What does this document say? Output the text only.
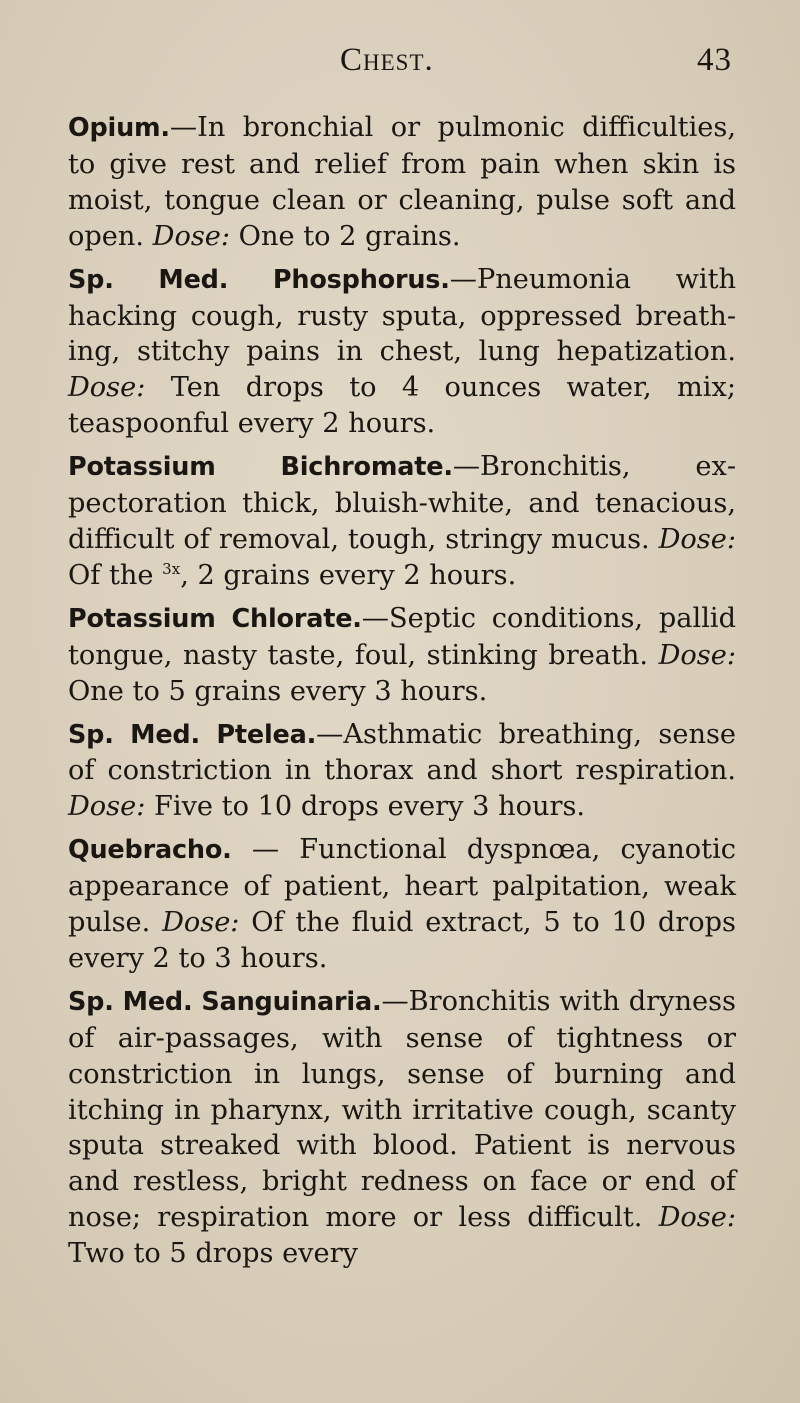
Chest.	43

Opium.—In bronchial or pulmonic difficulties, to give rest and relief from pain when skin is moist, tongue clean or cleaning, pulse soft and open. Dose: One to 2 grains.

Sp. Med. Phosphorus.—Pneumonia with hacking cough, rusty sputa, oppressed breathing, stitchy pains in chest, lung hepatization. Dose: Ten drops to 4 ounces water, mix; teaspoonful every 2 hours.

Potassium Bichromate.—Bronchitis, expectoration thick, bluish-white, and tenacious, difficult of removal, tough, stringy mucus. Dose: Of the $^{3x}$, 2 grains every 2 hours.

Potassium Chlorate.—Septic conditions, pallid tongue, nasty taste, foul, stinking breath. Dose: One to 5 grains every 3 hours.

Sp. Med. Ptelea.—Asthmatic breathing, sense of constriction in thorax and short respiration. Dose: Five to 10 drops every 3 hours.

Quebracho. — Functional dyspnœa, cyanotic appearance of patient, heart palpitation, weak pulse. Dose: Of the fluid extract, 5 to 10 drops every 2 to 3 hours.

Sp. Med. Sanguinaria.—Bronchitis with dryness of air-passages, with sense of tightness or constriction in lungs, sense of burning and itching in pharynx, with irritative cough, scanty sputa streaked with blood. Patient is nervous and restless, bright redness on face or end of nose; respiration more or less difficult. Dose: Two to 5 drops every
